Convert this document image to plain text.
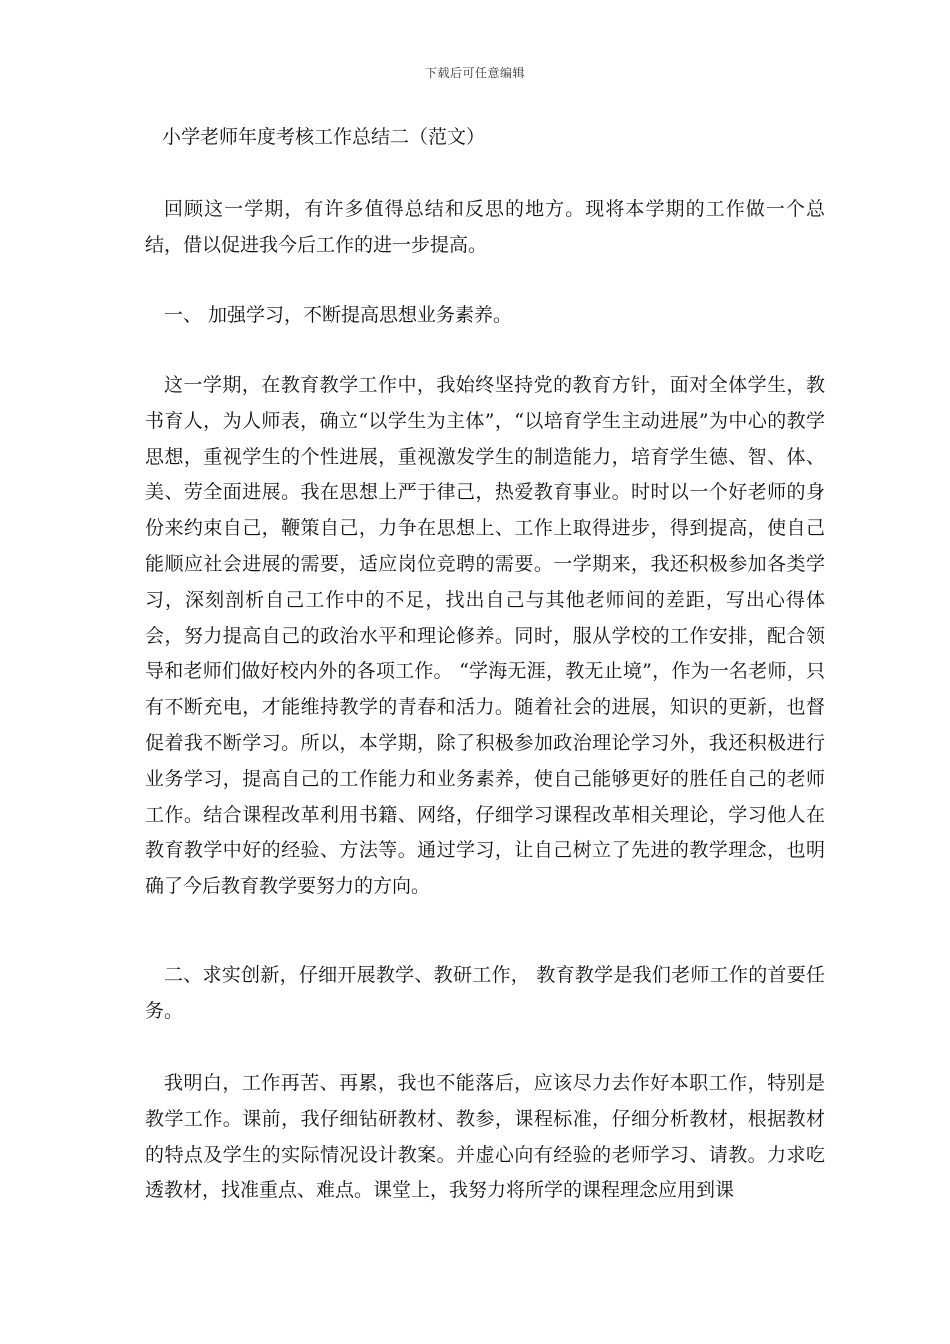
下载后可任意编辑
小学老师年度考核工作总结二（范文）

回顾这一学期，有许多值得总结和反思的地方。现将本学期的工作做一个总结，借以促进我今后工作的进一步提高。

一、 加强学习，不断提高思想业务素养。

这一学期，在教育教学工作中，我始终坚持党的教育方针，面对全体学生，教书育人，为人师表，确立“以学生为主体”，“以培育学生主动进展”为中心的教学思想，重视学生的个性进展，重视激发学生的制造能力，培育学生德、智、体、美、劳全面进展。我在思想上严于律己，热爱教育事业。时时以一个好老师的身份来约束自己，鞭策自己，力争在思想上、工作上取得进步，得到提高，使自己能顺应社会进展的需要，适应岗位竞聘的需要。一学期来，我还积极参加各类学习，深刻剖析自己工作中的不足，找出自己与其他老师间的差距，写出心得体会，努力提高自己的政治水平和理论修养。同时，服从学校的工作安排，配合领导和老师们做好校内外的各项工作。 “学海无涯，教无止境”，作为一名老师，只有不断充电，才能维持教学的青春和活力。随着社会的进展，知识的更新，也督促着我不断学习。所以，本学期，除了积极参加政治理论学习外，我还积极进行业务学习，提高自己的工作能力和业务素养，使自己能够更好的胜任自己的老师工作。结合课程改革利用书籍、网络，仔细学习课程改革相关理论，学习他人在教育教学中好的经验、方法等。通过学习，让自己树立了先进的教学理念，也明确了今后教育教学要努力的方向。

二、求实创新，仔细开展教学、教研工作， 教育教学是我们老师工作的首要任务。

我明白，工作再苦、再累，我也不能落后，应该尽力去作好本职工作，特别是教学工作。课前，我仔细钻研教材、教参，课程标准，仔细分析教材，根据教材的特点及学生的实际情况设计教案。并虚心向有经验的老师学习、请教。力求吃透教材，找准重点、难点。课堂上，我努力将所学的课程理念应用到课
